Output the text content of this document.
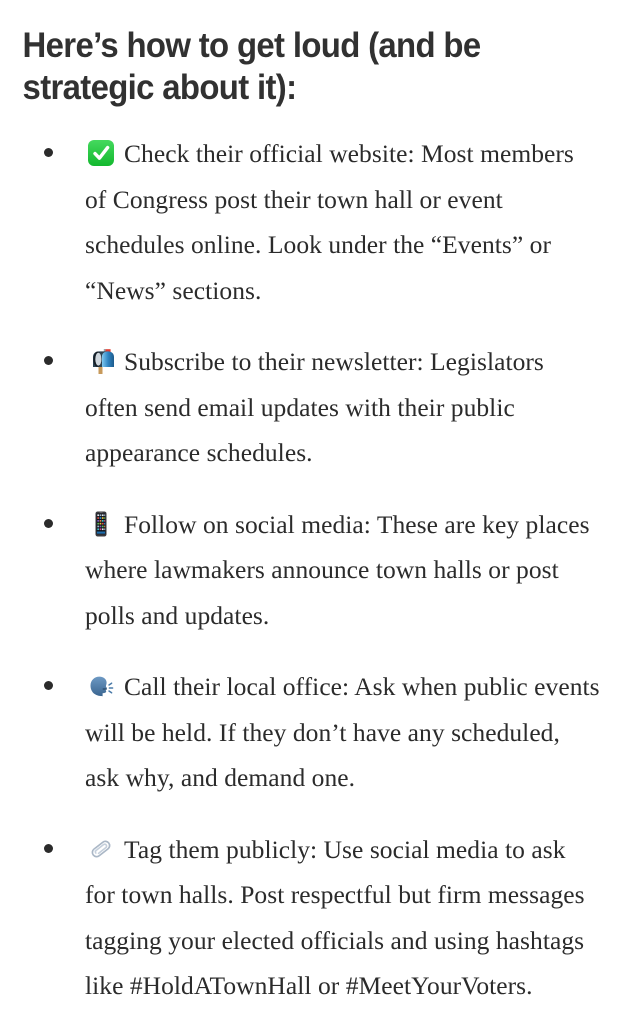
Here’s how to get loud (and be strategic about it):
Check their official website: Most members of Congress post their town hall or event schedules online. Look under the “Events” or “News” sections.
Subscribe to their newsletter: Legislators often send email updates with their public appearance schedules.
Follow on social media: These are key places where lawmakers announce town halls or post polls and updates.
Call their local office: Ask when public events will be held. If they don’t have any scheduled, ask why, and demand one.
Tag them publicly: Use social media to ask for town halls. Post respectful but firm messages tagging your elected officials and using hashtags like #HoldATownHall or #MeetYourVoters.
